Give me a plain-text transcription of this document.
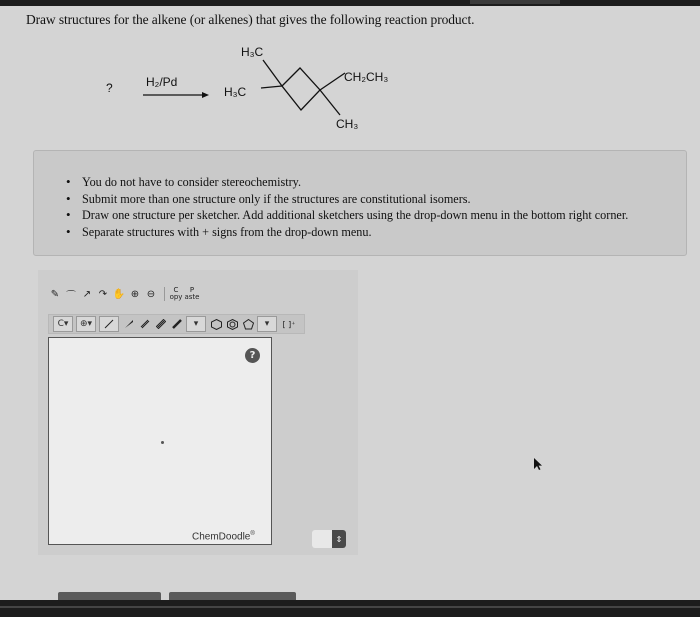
Draw structures for the alkene (or alkenes) that gives the following reaction product.
?	H₂/Pd
H₃C
H₃C
CH₂CH₃
CH₃
• You do not have to consider stereochemistry.
• Submit more than one structure only if the structures are constitutional isomers.
• Draw one structure per sketcher. Add additional sketchers using the drop-down menu in the bottom right corner.
• Separate structures with + signs from the drop-down menu.
✎ ⌒ ↗ ↷ ✋ ⊕ ⊖	C
opy
P
aste
C ▾ ⊕ ▾	▾	▾	[ ]⁺
?
ChemDoodle®
⇕
